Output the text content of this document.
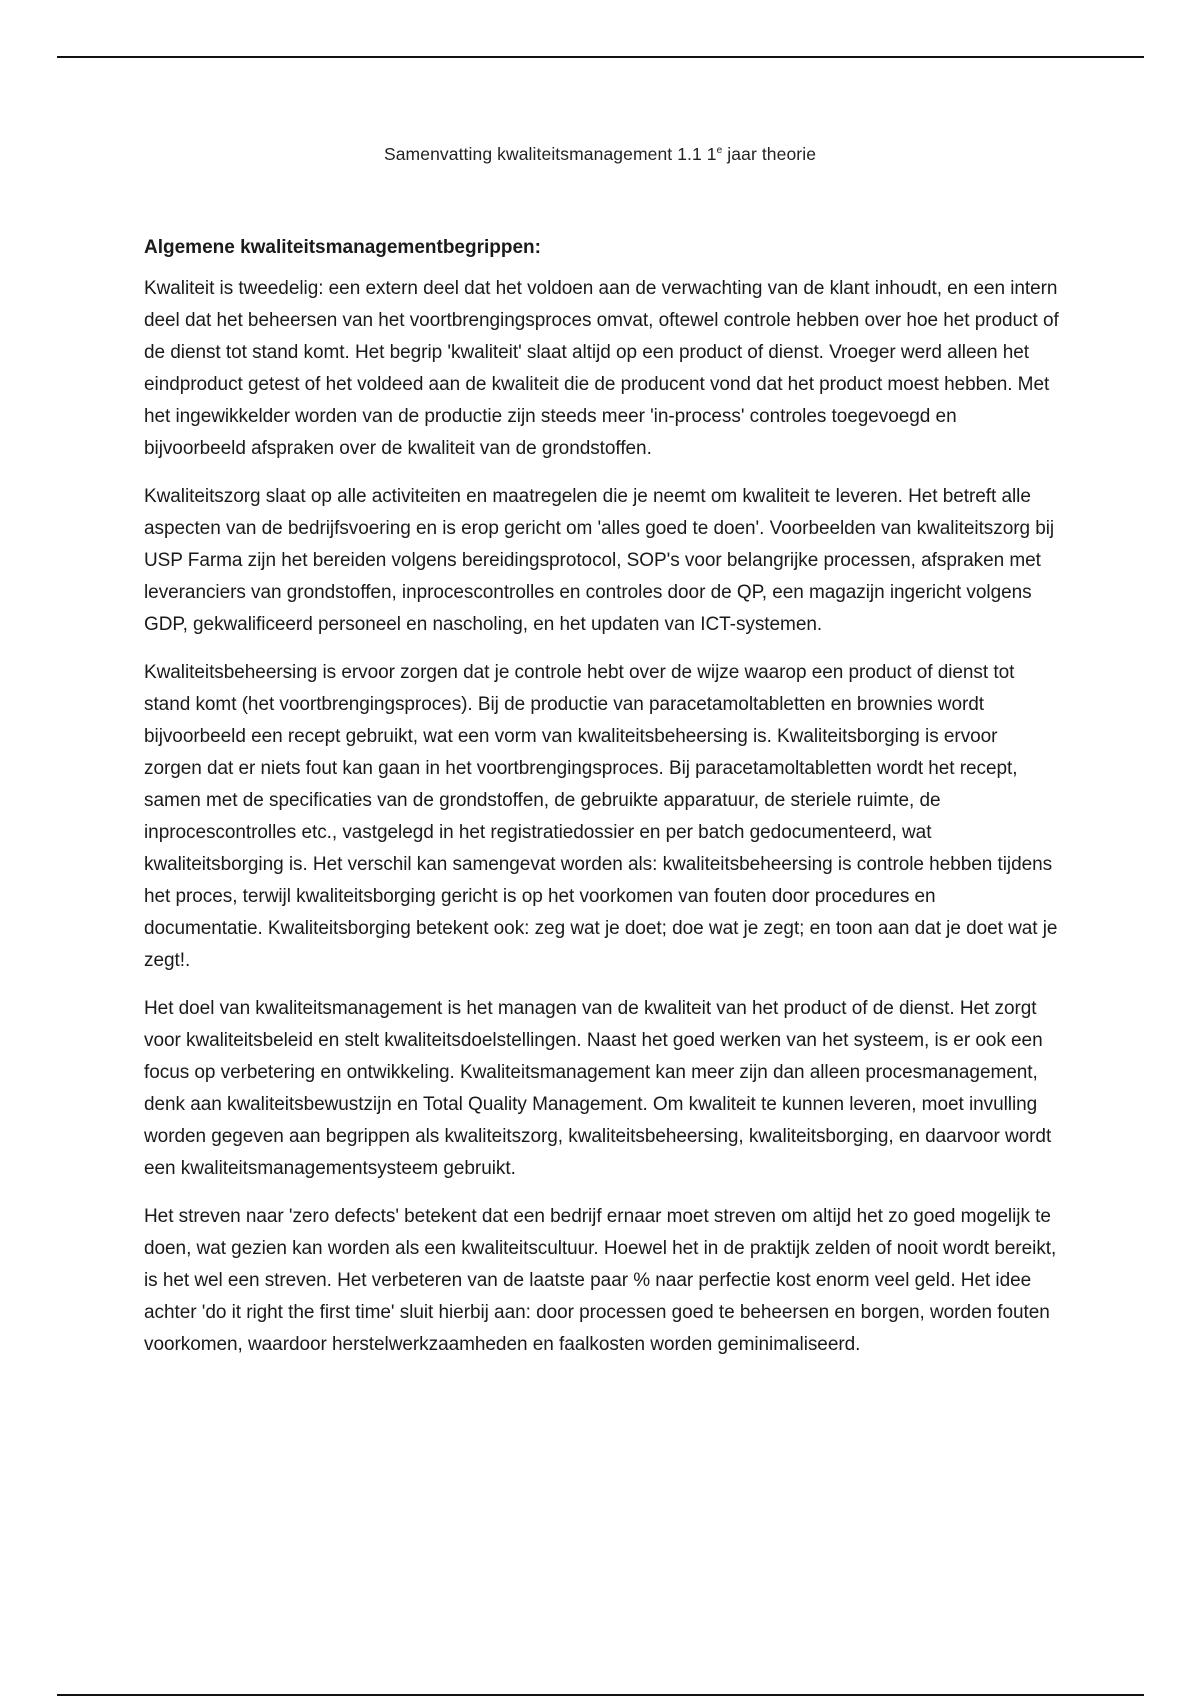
Samenvatting kwaliteitsmanagement 1.1 1e jaar theorie
Algemene kwaliteitsmanagementbegrippen:

Kwaliteit is tweedelig: een extern deel dat het voldoen aan de verwachting van de klant inhoudt, en een intern deel dat het beheersen van het voortbrengingsproces omvat, oftewel controle hebben over hoe het product of de dienst tot stand komt. Het begrip 'kwaliteit' slaat altijd op een product of dienst. Vroeger werd alleen het eindproduct getest of het voldeed aan de kwaliteit die de producent vond dat het product moest hebben. Met het ingewikkelder worden van de productie zijn steeds meer 'in-process' controles toegevoegd en bijvoorbeeld afspraken over de kwaliteit van de grondstoffen.

Kwaliteitszorg slaat op alle activiteiten en maatregelen die je neemt om kwaliteit te leveren. Het betreft alle aspecten van de bedrijfsvoering en is erop gericht om 'alles goed te doen'. Voorbeelden van kwaliteitszorg bij USP Farma zijn het bereiden volgens bereidingsprotocol, SOP's voor belangrijke processen, afspraken met leveranciers van grondstoffen, inprocescontrolles en controles door de QP, een magazijn ingericht volgens GDP, gekwalificeerd personeel en nascholing, en het updaten van ICT-systemen.

Kwaliteitsbeheersing is ervoor zorgen dat je controle hebt over de wijze waarop een product of dienst tot stand komt (het voortbrengingsproces). Bij de productie van paracetamoltabletten en brownies wordt bijvoorbeeld een recept gebruikt, wat een vorm van kwaliteitsbeheersing is. Kwaliteitsborging is ervoor zorgen dat er niets fout kan gaan in het voortbrengingsproces. Bij paracetamoltabletten wordt het recept, samen met de specificaties van de grondstoffen, de gebruikte apparatuur, de steriele ruimte, de inprocescontrolles etc., vastgelegd in het registratiedossier en per batch gedocumenteerd, wat kwaliteitsborging is. Het verschil kan samengevat worden als: kwaliteitsbeheersing is controle hebben tijdens het proces, terwijl kwaliteitsborging gericht is op het voorkomen van fouten door procedures en documentatie. Kwaliteitsborging betekent ook: zeg wat je doet; doe wat je zegt; en toon aan dat je doet wat je zegt!.

Het doel van kwaliteitsmanagement is het managen van de kwaliteit van het product of de dienst. Het zorgt voor kwaliteitsbeleid en stelt kwaliteitsdoelstellingen. Naast het goed werken van het systeem, is er ook een focus op verbetering en ontwikkeling. Kwaliteitsmanagement kan meer zijn dan alleen procesmanagement, denk aan kwaliteitsbewustzijn en Total Quality Management. Om kwaliteit te kunnen leveren, moet invulling worden gegeven aan begrippen als kwaliteitszorg, kwaliteitsbeheersing, kwaliteitsborging, en daarvoor wordt een kwaliteitsmanagementsysteem gebruikt.

Het streven naar 'zero defects' betekent dat een bedrijf ernaar moet streven om altijd het zo goed mogelijk te doen, wat gezien kan worden als een kwaliteitscultuur. Hoewel het in de praktijk zelden of nooit wordt bereikt, is het wel een streven. Het verbeteren van de laatste paar % naar perfectie kost enorm veel geld. Het idee achter 'do it right the first time' sluit hierbij aan: door processen goed te beheersen en borgen, worden fouten voorkomen, waardoor herstelwerkzaamheden en faalkosten worden geminimaliseerd.
